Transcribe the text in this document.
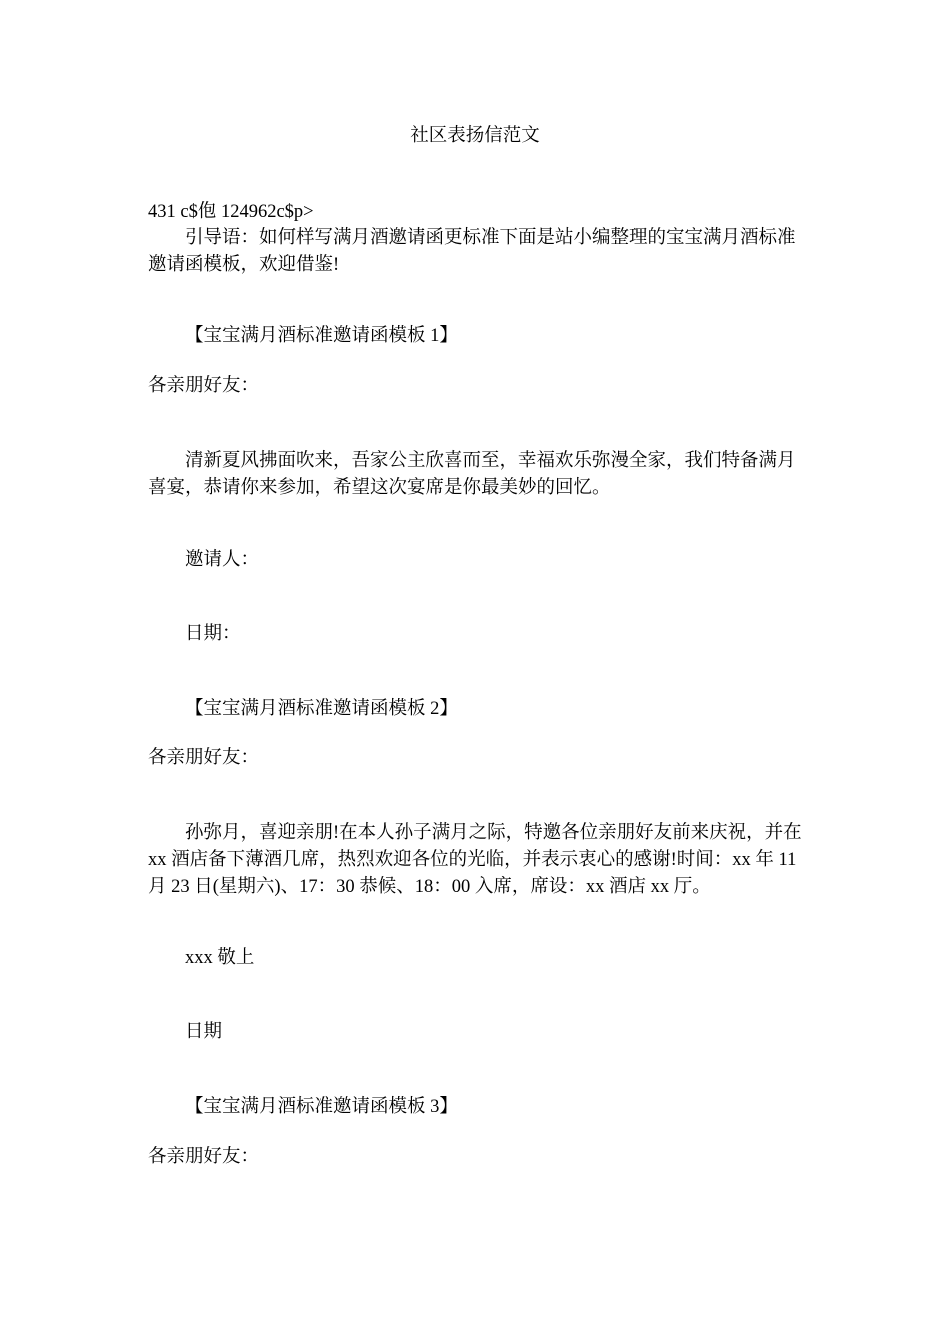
社区表扬信范文
431 c$佨 124962c$p>
引导语：如何样写满月酒邀请函更标准下面是站小编整理的宝宝满月酒标准邀请函模板，欢迎借鉴!
【宝宝满月酒标准邀请函模板 1】
各亲朋好友：
清新夏风拂面吹来，吾家公主欣喜而至，幸福欢乐弥漫全家，我们特备满月喜宴，恭请你来参加，希望这次宴席是你最美妙的回忆。
邀请人：
日期：
【宝宝满月酒标准邀请函模板 2】
各亲朋好友：
孙弥月，喜迎亲朋!在本人孙子满月之际，特邀各位亲朋好友前来庆祝，并在 xx 酒店备下薄酒几席，热烈欢迎各位的光临，并表示衷心的感谢!时间：xx 年 11 月 23 日(星期六)、17：30 恭候、18：00 入席，席设：xx 酒店 xx 厅。
xxx 敬上
日期
【宝宝满月酒标准邀请函模板 3】
各亲朋好友：
